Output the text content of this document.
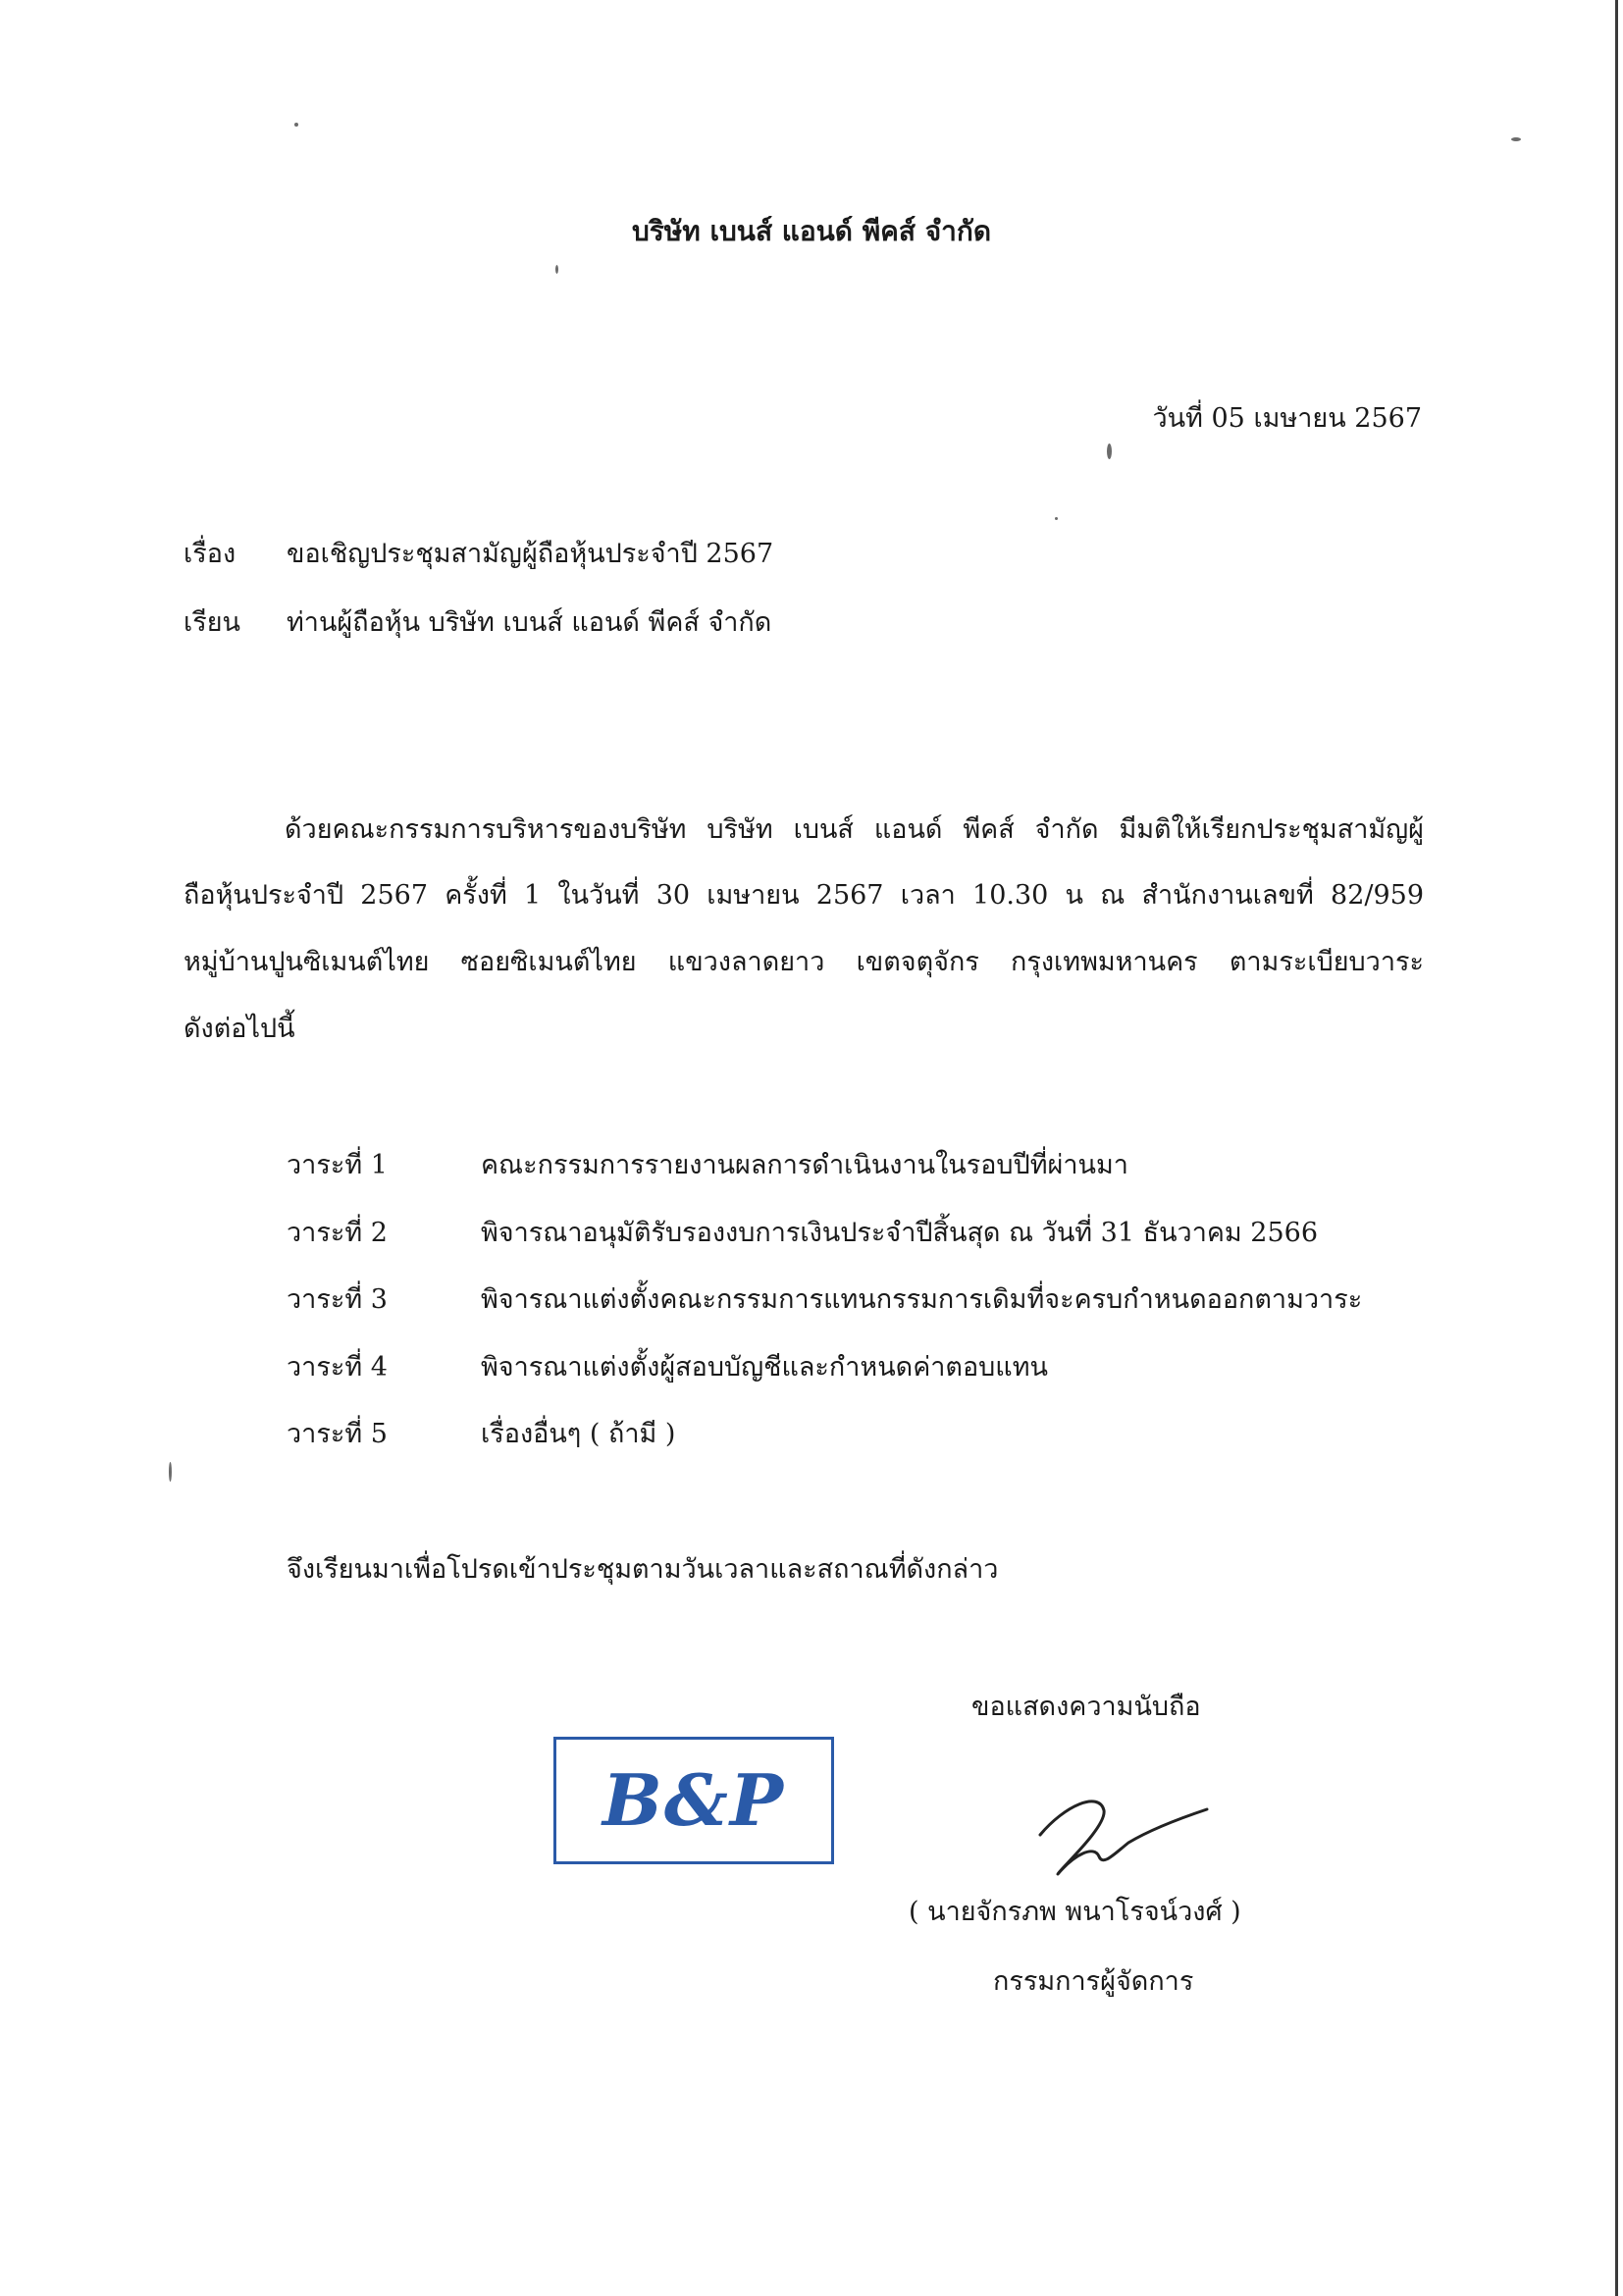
บริษัท เบนส์ แอนด์ พีคส์ จำกัด
วันที่ 05 เมษายน 2567
เรื่อง ขอเชิญประชุมสามัญผู้ถือหุ้นประจำปี 2567
เรียน ท่านผู้ถือหุ้น บริษัท เบนส์ แอนด์ พีคส์ จำกัด
ด้วยคณะกรรมการบริหารของบริษัท บริษัท เบนส์ แอนด์ พีคส์ จำกัด มีมติให้เรียกประชุมสามัญผู้
ถือหุ้นประจำปี 2567 ครั้งที่ 1 ในวันที่ 30 เมษายน 2567 เวลา 10.30 น ณ สำนักงานเลขที่ 82/959
หมู่บ้านปูนซิเมนต์ไทย ซอยซิเมนต์ไทย แขวงลาดยาว เขตจตุจักร กรุงเทพมหานคร ตามระเบียบวาระ
ดังต่อไปนี้
วาระที่ 1	คณะกรรมการรายงานผลการดำเนินงานในรอบปีที่ผ่านมา
วาระที่ 2	พิจารณาอนุมัติรับรองงบการเงินประจำปีสิ้นสุด ณ วันที่ 31 ธันวาคม 2566
วาระที่ 3	พิจารณาแต่งตั้งคณะกรรมการแทนกรรมการเดิมที่จะครบกำหนดออกตามวาระ
วาระที่ 4	พิจารณาแต่งตั้งผู้สอบบัญชีและกำหนดค่าตอบแทน
วาระที่ 5	เรื่องอื่นๆ ( ถ้ามี )
จึงเรียนมาเพื่อโปรดเข้าประชุมตามวันเวลาและสถาณที่ดังกล่าว
ขอแสดงความนับถือ
B&P
( นายจักรภพ พนาโรจน์วงศ์ )
กรรมการผู้จัดการ
